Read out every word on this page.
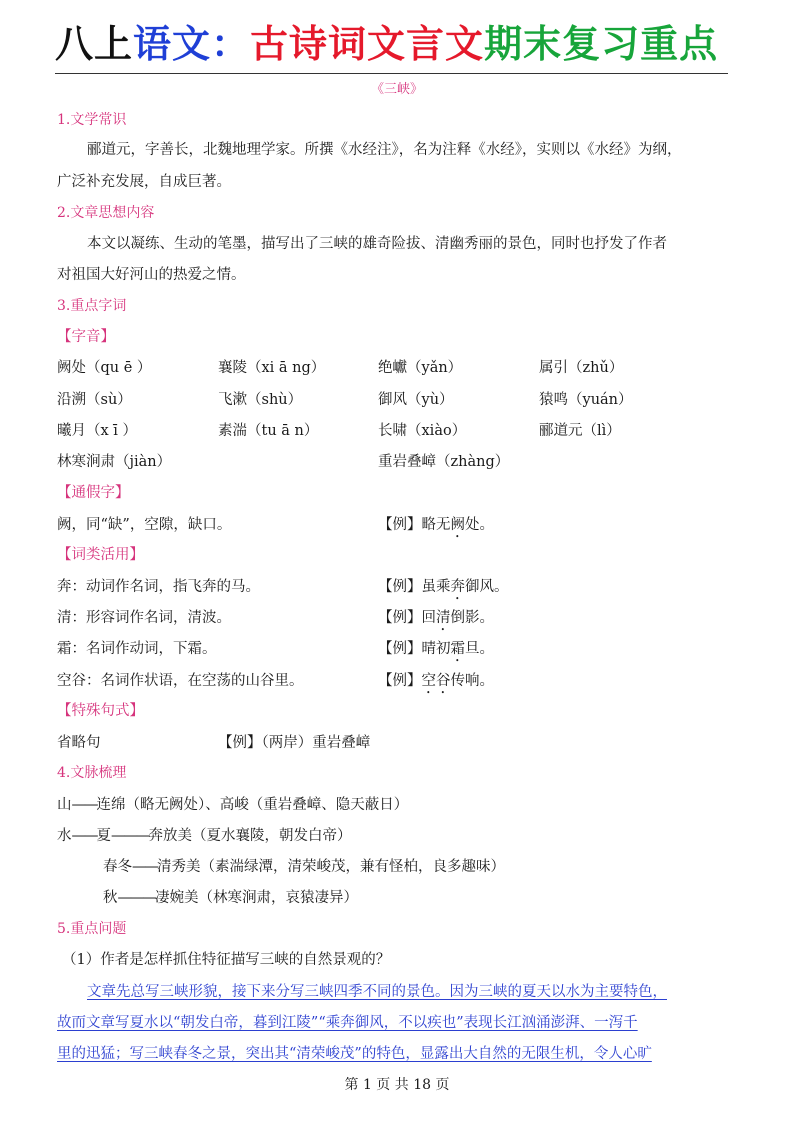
八上语文：古诗词文言文期末复习重点
《三峡》
1.文学常识
郦道元，字善长，北魏地理学家。所撰《水经注》，名为注释《水经》，实则以《水经》为纲，
广泛补充发展，自成巨著。
2.文章思想内容
本文以凝练、生动的笔墨，描写出了三峡的雄奇险拔、清幽秀丽的景色，同时也抒发了作者
对祖国大好河山的热爱之情。
3.重点字词
【字音】
阙处（qu ē ）	襄陵（xi ā ng）	绝巘（yǎn）	属引（zhǔ）
沿溯（sù）	飞漱（shù）	御风（yù）	猿鸣（yuán）
曦月（x ī ）	素湍（tu ā n）	长啸（xiào）	郦道元（lì）
林寒涧肃（jiàn）	重岩叠嶂（zhàng）
【通假字】
阙，同“缺”，空隙，缺口。	【例】略无阙处。
【词类活用】
奔：动词作名词，指飞奔的马。	【例】虽乘奔御风。
清：形容词作名词，清波。	【例】回清倒影。
霜：名词作动词，下霜。	【例】晴初霜旦。
空谷：名词作状语，在空荡的山谷里。	【例】空谷传响。
【特殊句式】
省略句	【例】（两岸）重岩叠嶂
4.文脉梳理
山——连绵（略无阙处）、高峻（重岩叠嶂、隐天蔽日）
水——夏———奔放美（夏水襄陵，朝发白帝）
春冬——清秀美（素湍绿潭，清荣峻茂，兼有怪柏，良多趣味）
秋———凄婉美（林寒涧肃，哀猿凄异）
5.重点问题
（1）作者是怎样抓住特征描写三峡的自然景观的？
文章先总写三峡形貌，接下来分写三峡四季不同的景色。因为三峡的夏天以水为主要特色，
故而文章写夏水以“朝发白帝，暮到江陵”“乘奔御风，不以疾也”表现长江汹涌澎湃、一泻千
里的迅猛；写三峡春冬之景，突出其“清荣峻茂”的特色，显露出大自然的无限生机，令人心旷
第 1 页 共 18 页
